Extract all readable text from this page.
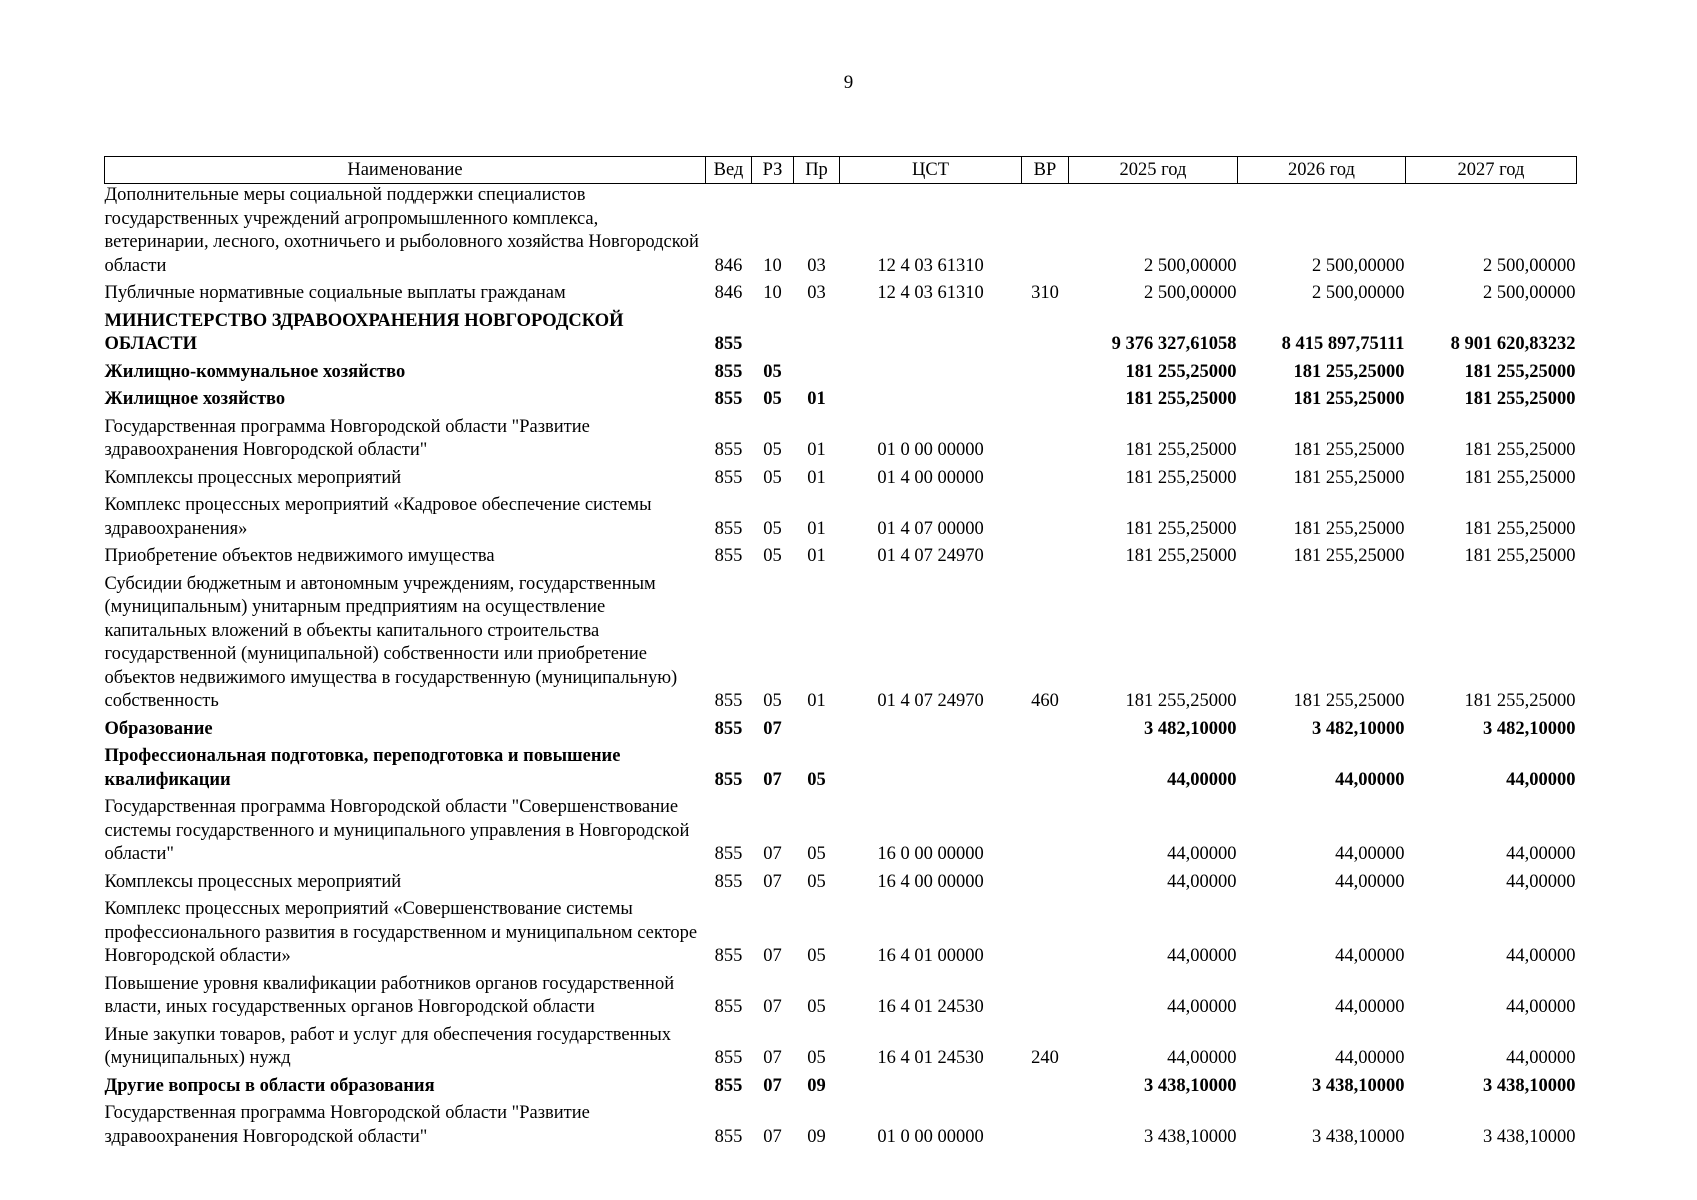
9
Наименование	Вед	РЗ	Пр	ЦСТ	ВР	2025 год	2026 год	2027 год
Дополнительные меры социальной поддержки специалистов государственных учреждений агропромышленного комплекса, ветеринарии, лесного, охотничьего и рыболовного хозяйства Новгородской области	846	10	03	12 4 03 61310		2 500,00000	2 500,00000	2 500,00000
Публичные нормативные социальные выплаты гражданам	846	10	03	12 4 03 61310	310	2 500,00000	2 500,00000	2 500,00000
МИНИСТЕРСТВО ЗДРАВООХРАНЕНИЯ НОВГОРОДСКОЙ ОБЛАСТИ	855					9 376 327,61058	8 415 897,75111	8 901 620,83232
Жилищно-коммунальное хозяйство	855	05				181 255,25000	181 255,25000	181 255,25000
Жилищное хозяйство	855	05	01			181 255,25000	181 255,25000	181 255,25000
Государственная программа Новгородской области "Развитие здравоохранения Новгородской области"	855	05	01	01 0 00 00000		181 255,25000	181 255,25000	181 255,25000
Комплексы процессных мероприятий	855	05	01	01 4 00 00000		181 255,25000	181 255,25000	181 255,25000
Комплекс процессных мероприятий «Кадровое обеспечение системы здравоохранения»	855	05	01	01 4 07 00000		181 255,25000	181 255,25000	181 255,25000
Приобретение объектов недвижимого имущества	855	05	01	01 4 07 24970		181 255,25000	181 255,25000	181 255,25000
Субсидии бюджетным и автономным учреждениям, государственным (муниципальным) унитарным предприятиям на осуществление капитальных вложений в объекты капитального строительства государственной (муниципальной) собственности или приобретение объектов недвижимого имущества в государственную (муниципальную) собственность	855	05	01	01 4 07 24970	460	181 255,25000	181 255,25000	181 255,25000
Образование	855	07				3 482,10000	3 482,10000	3 482,10000
Профессиональная подготовка, переподготовка и повышение квалификации	855	07	05			44,00000	44,00000	44,00000
Государственная программа Новгородской области "Совершенствование системы государственного и муниципального управления в Новгородской области"	855	07	05	16 0 00 00000		44,00000	44,00000	44,00000
Комплексы процессных мероприятий	855	07	05	16 4 00 00000		44,00000	44,00000	44,00000
Комплекс процессных мероприятий «Совершенствование системы профессионального развития в государственном и муниципальном секторе Новгородской области»	855	07	05	16 4 01 00000		44,00000	44,00000	44,00000
Повышение уровня квалификации работников органов государственной власти, иных государственных органов Новгородской области	855	07	05	16 4 01 24530		44,00000	44,00000	44,00000
Иные закупки товаров, работ и услуг для обеспечения государственных (муниципальных) нужд	855	07	05	16 4 01 24530	240	44,00000	44,00000	44,00000
Другие вопросы в области образования	855	07	09			3 438,10000	3 438,10000	3 438,10000
Государственная программа Новгородской области "Развитие здравоохранения Новгородской области"	855	07	09	01 0 00 00000		3 438,10000	3 438,10000	3 438,10000
